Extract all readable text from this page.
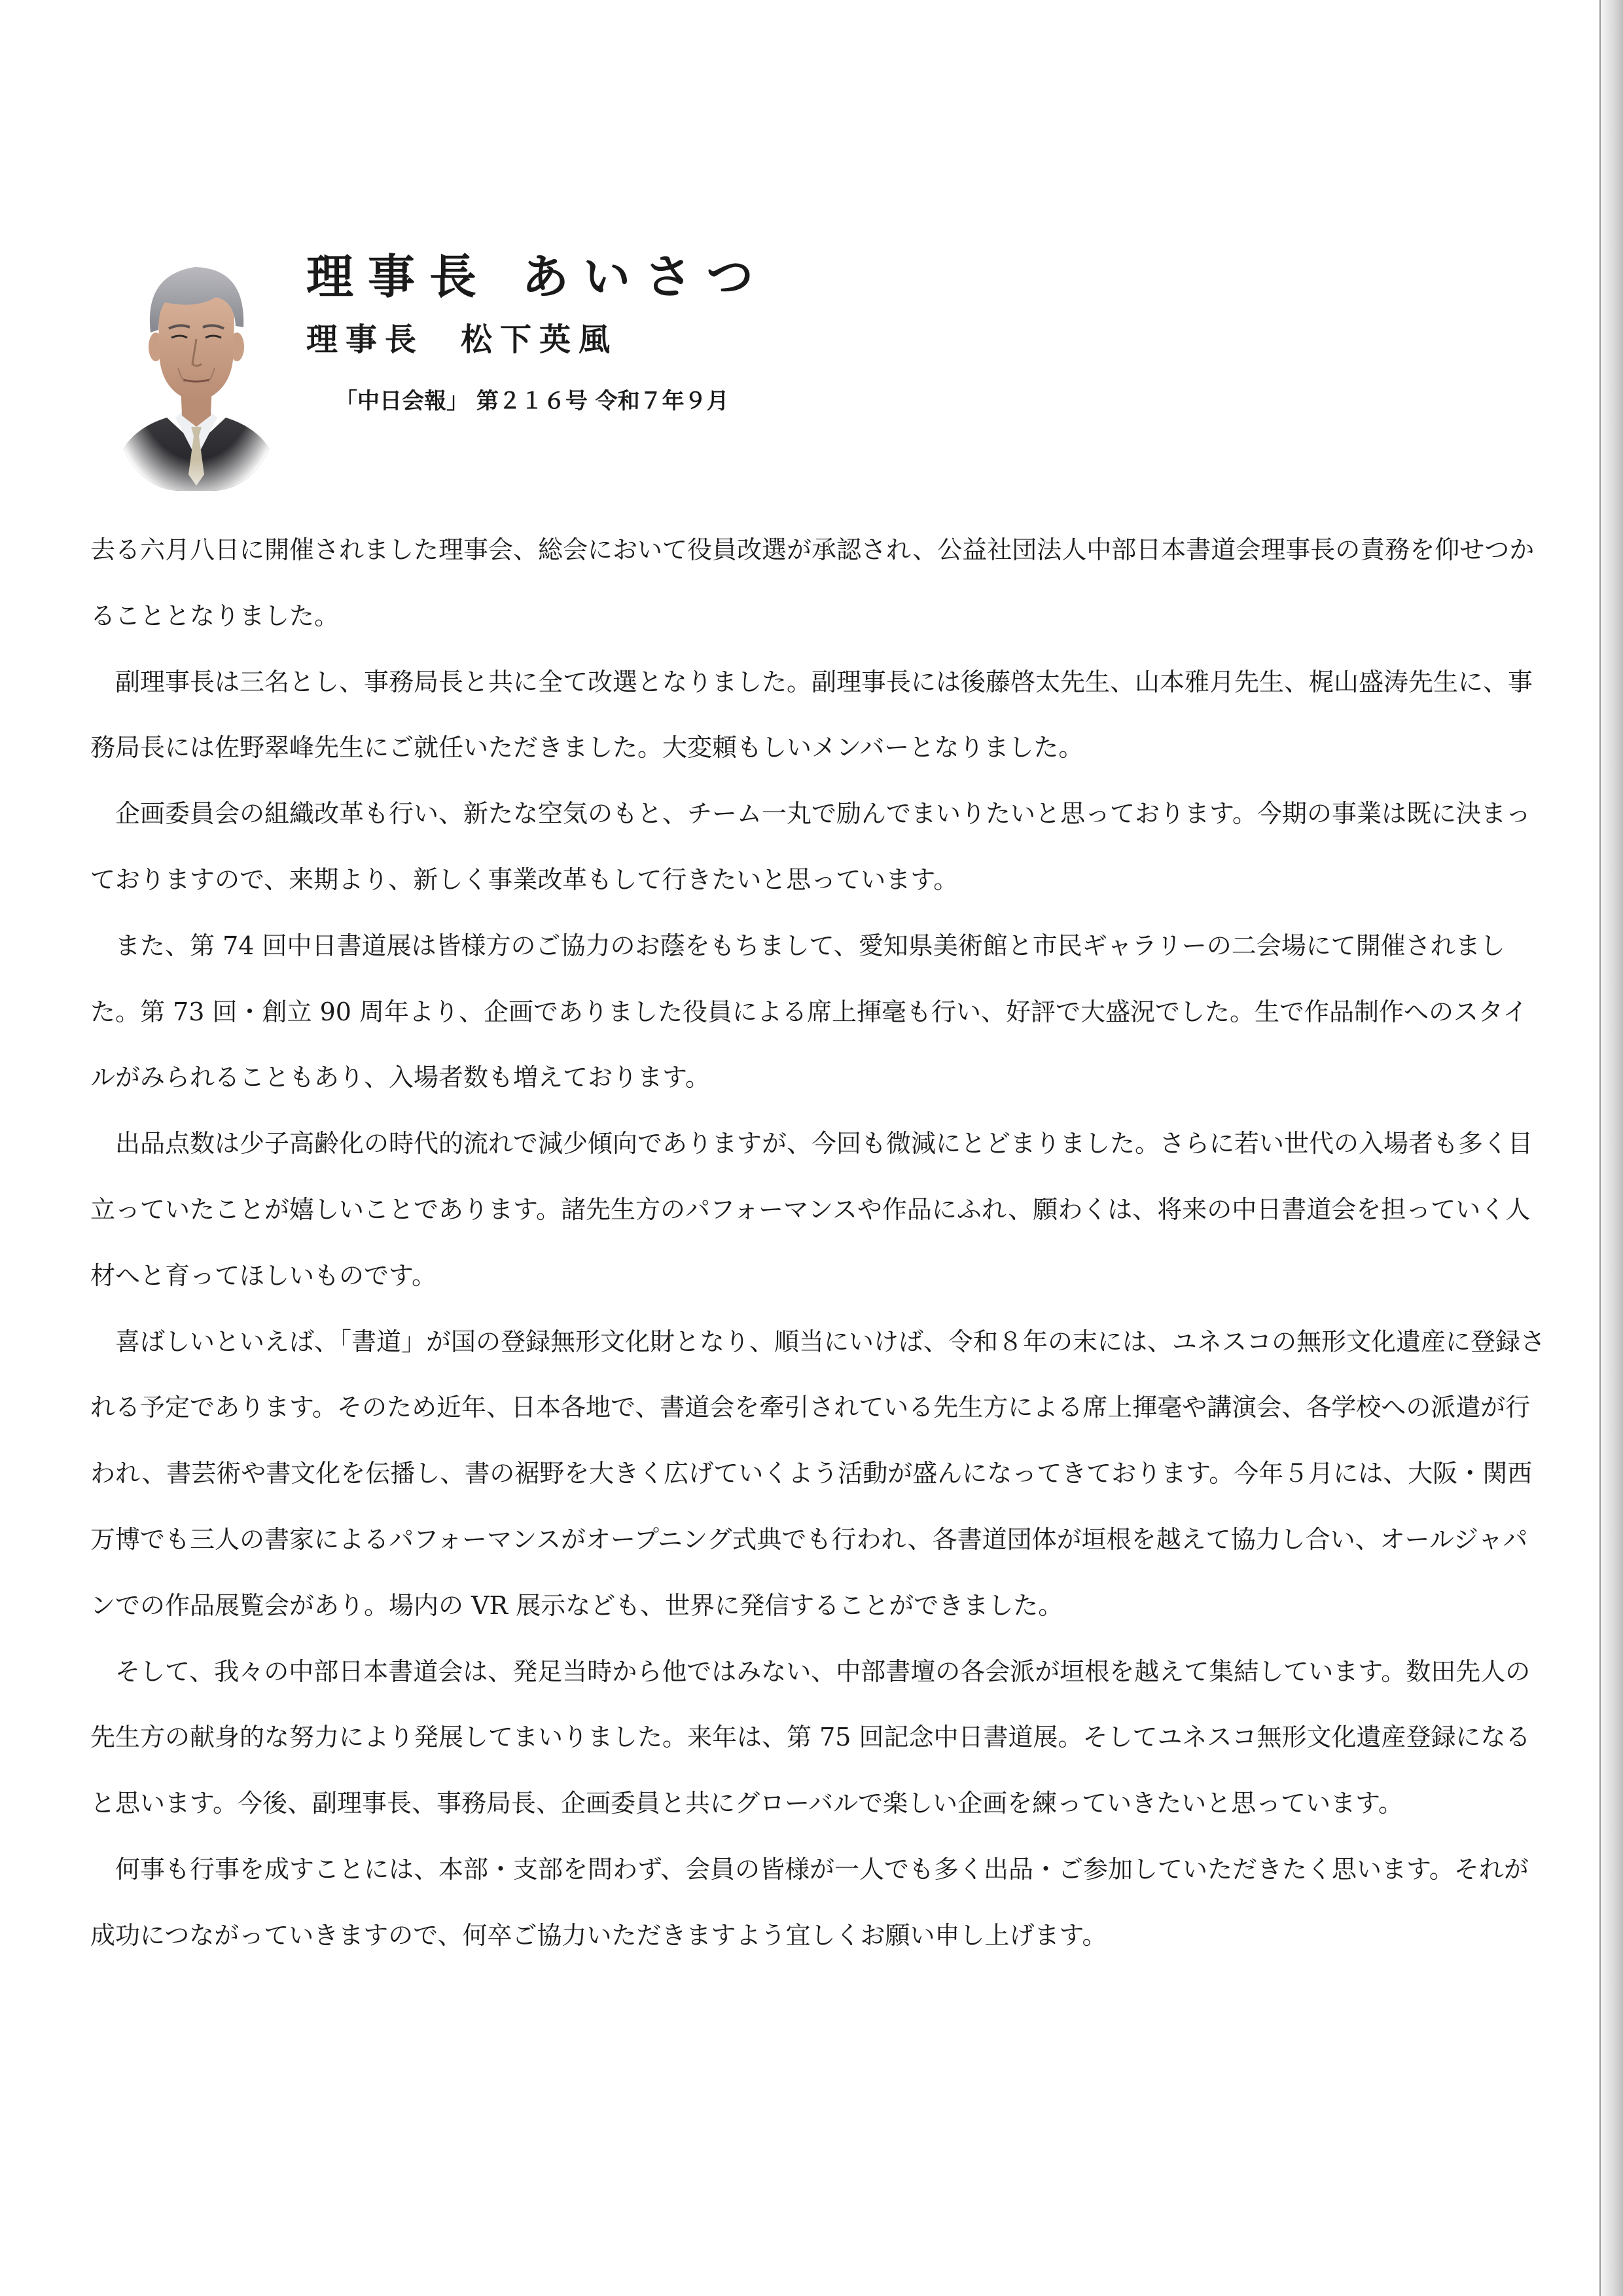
理事長 あいさつ
理事長 松下英風
「中日会報」 第２１６号 令和７年９月

去る六月八日に開催されました理事会、総会において役員改選が承認され、公益社団法人中部日本書道会理事長の責務を仰せつかることとなりました。

副理事長は三名とし、事務局長と共に全て改選となりました。副理事長には後藤啓太先生、山本雅月先生、梶山盛涛先生に、事務局長には佐野翠峰先生にご就任いただきました。大変頼もしいメンバーとなりました。

企画委員会の組織改革も行い、新たな空気のもと、チーム一丸で励んでまいりたいと思っております。今期の事業は既に決まっておりますので、来期より、新しく事業改革もして行きたいと思っています。

また、第 74 回中日書道展は皆様方のご協力のお蔭をもちまして、愛知県美術館と市民ギャラリーの二会場にて開催されました。第 73 回・創立 90 周年より、企画でありました役員による席上揮毫も行い、好評で大盛況でした。生で作品制作へのスタイルがみられることもあり、入場者数も増えております。

出品点数は少子高齢化の時代的流れで減少傾向でありますが、今回も微減にとどまりました。さらに若い世代の入場者も多く目立っていたことが嬉しいことであります。諸先生方のパフォーマンスや作品にふれ、願わくは、将来の中日書道会を担っていく人材へと育ってほしいものです。

喜ばしいといえば、「書道」が国の登録無形文化財となり、順当にいけば、令和８年の末には、ユネスコの無形文化遺産に登録される予定であります。そのため近年、日本各地で、書道会を牽引されている先生方による席上揮毫や講演会、各学校への派遣が行われ、書芸術や書文化を伝播し、書の裾野を大きく広げていくよう活動が盛んになってきております。今年５月には、大阪・関西万博でも三人の書家によるパフォーマンスがオープニング式典でも行われ、各書道団体が垣根を越えて協力し合い、オールジャパンでの作品展覧会があり。場内の VR 展示なども、世界に発信することができました。

そして、我々の中部日本書道会は、発足当時から他ではみない、中部書壇の各会派が垣根を越えて集結しています。数田先人の先生方の献身的な努力により発展してまいりました。来年は、第 75 回記念中日書道展。そしてユネスコ無形文化遺産登録になると思います。今後、副理事長、事務局長、企画委員と共にグローバルで楽しい企画を練っていきたいと思っています。

何事も行事を成すことには、本部・支部を問わず、会員の皆様が一人でも多く出品・ご参加していただきたく思います。それが成功につながっていきますので、何卒ご協力いただきますよう宜しくお願い申し上げます。
